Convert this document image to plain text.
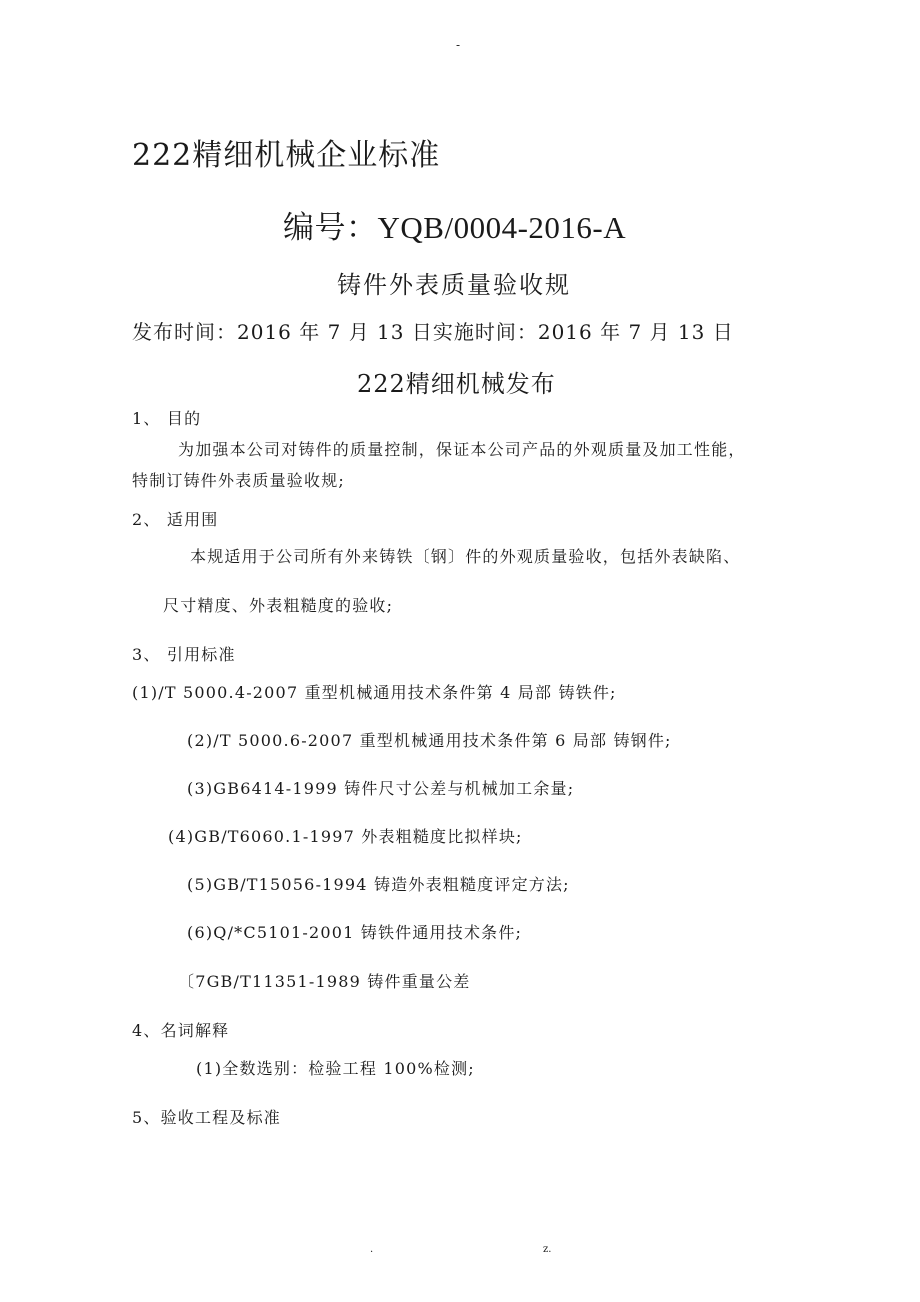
-
222精细机械企业标准
编号：YQB/0004-2016-A
铸件外表质量验收规
发布时间：2016 年 7 月 13 日实施时间：2016 年 7 月 13 日
222精细机械发布
1、 目的
为加强本公司对铸件的质量控制，保证本公司产品的外观质量及加工性能，
特制订铸件外表质量验收规;
2、 适用围
本规适用于公司所有外来铸铁〔钢〕件的外观质量验收，包括外表缺陷、
尺寸精度、外表粗糙度的验收;
3、 引用标准
(1)/T 5000.4-2007 重型机械通用技术条件第 4 局部 铸铁件;
(2)/T 5000.6-2007 重型机械通用技术条件第 6 局部 铸钢件;
(3)GB6414-1999 铸件尺寸公差与机械加工余量;
(4)GB/T6060.1-1997 外表粗糙度比拟样块;
(5)GB/T15056-1994 铸造外表粗糙度评定方法;
(6)Q/*C5101-2001 铸铁件通用技术条件;
〔7GB/T11351-1989 铸件重量公差
4、名词解释
(1)全数选别：检验工程 100%检测;
5、验收工程及标准
.	z.
